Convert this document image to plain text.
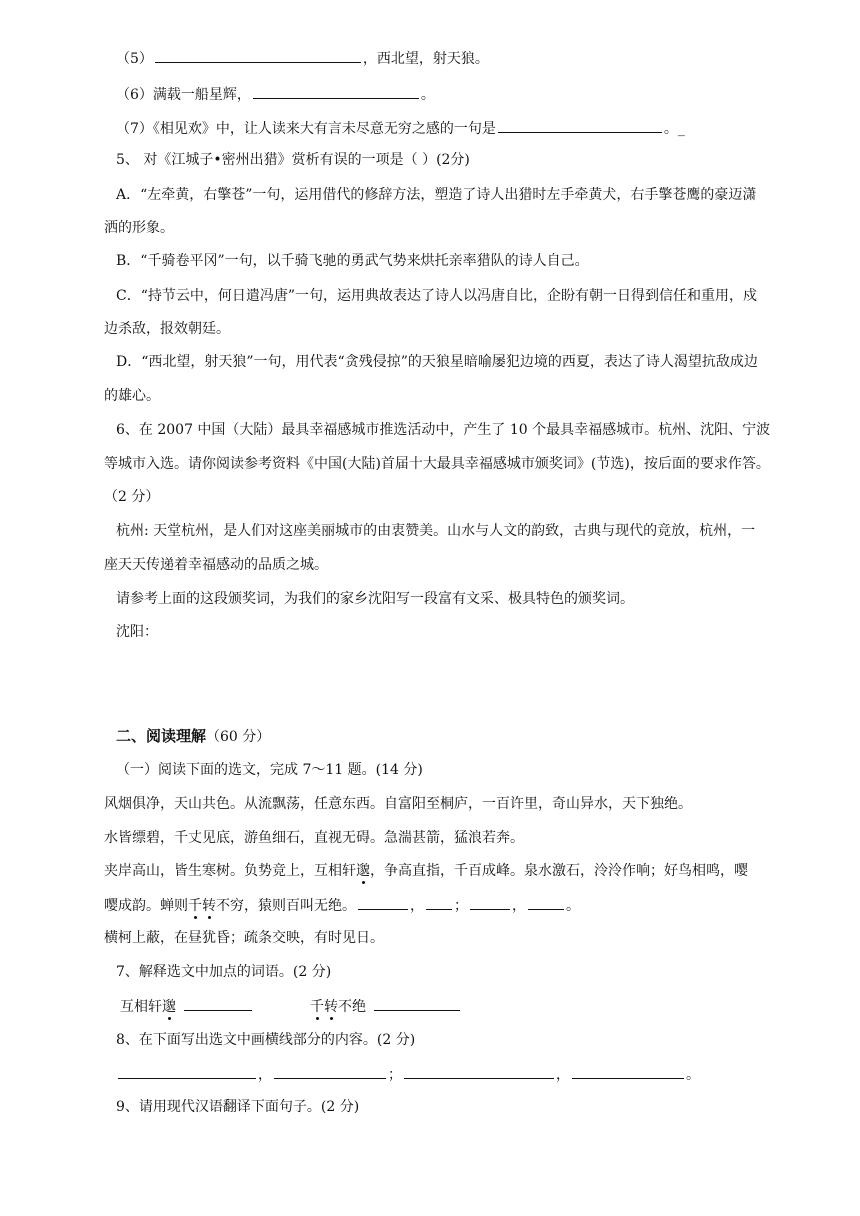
（5）	，西北望，射天狼。
（6）满载一船星辉，	。
（7）《相见欢》中，让人读来大有言未尽意无穷之感的一句是	。_
5、 对《江城子•密州出猎》赏析有误的一项是（ ）(2分)
A．“左牵黄，右擎苍”一句，运用借代的修辞方法，塑造了诗人出猎时左手牵黄犬，右手擎苍鹰的豪迈潇
洒的形象。
B．“千骑卷平冈”一句，以千骑飞驰的勇武气势来烘托亲率猎队的诗人自己。
C．“持节云中，何日遣冯唐”一句，运用典故表达了诗人以冯唐自比，企盼有朝一日得到信任和重用，戍
边杀敌，报效朝廷。
D．“西北望，射天狼”一句，用代表“贪残侵掠”的天狼星暗喻屡犯边境的西夏，表达了诗人渴望抗敌成边
的雄心。
6、在 2007 中国（大陆）最具幸福感城市推选活动中，产生了 10 个最具幸福感城市。杭州、沈阳、宁波
等城市入选。请你阅读参考资料《中国(大陆)首届十大最具幸福感城市颁奖词》(节选)，按后面的要求作答。
（2 分）
杭州: 天堂杭州，是人们对这座美丽城市的由衷赞美。山水与人文的韵致，古典与现代的竞放，杭州，一
座天天传递着幸福感动的品质之城。
请参考上面的这段颁奖词，为我们的家乡沈阳写一段富有文采、极具特色的颁奖词。
沈阳：
二、阅读理解（60 分）
（一）阅读下面的选文，完成 7～11 题。(14 分)
风烟俱净，天山共色。从流飘荡，任意东西。自富阳至桐庐，一百许里，奇山异水，天下独绝。
水皆缥碧，千丈见底，游鱼细石，直视无碍。急湍甚箭，猛浪若奔。
夹岸高山，皆生寒树。负势竞上，互相轩邈，争高直指，千百成峰。泉水激石，泠泠作响；好鸟相鸣，嘤
嘤成韵。蝉则千转不穷，猿则百叫无绝。	， ；	，	。
横柯上蔽，在昼犹昏；疏条交映，有时见日。
7、解释选文中加点的词语。(2 分)
互相轩邈	千转不绝
8、在下面写出选文中画横线部分的内容。(2 分)
，	；	，	。
9、请用现代汉语翻译下面句子。(2 分)
